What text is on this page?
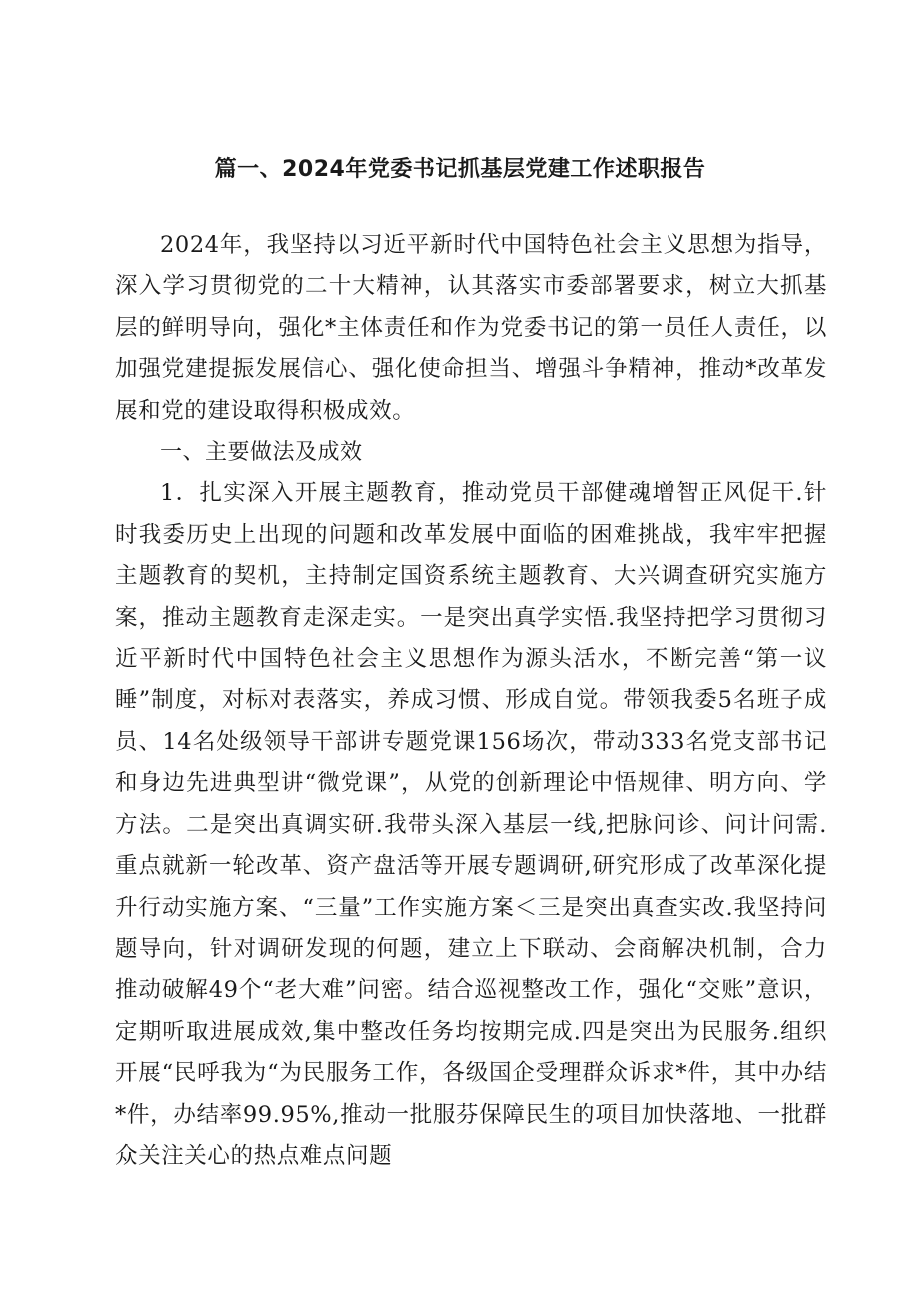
篇一、2024年党委书记抓基层党建工作述职报告

2024年，我坚持以习近平新时代中国特色社会主义思想为指导，深入学习贯彻党的二十大精神，认其落实市委部署要求，树立大抓基层的鲜明导向，强化*主体责任和作为党委书记的第一员任人责任，以加强党建提振发展信心、强化使命担当、增强斗争精神，推动*改革发展和党的建设取得积极成效。

一、主要做法及成效

1．扎实深入开展主题教育，推动党员干部健魂增智正风促干.针时我委历史上出现的问题和改革发展中面临的困难挑战，我牢牢把握主题教育的契机，主持制定国资系统主题教育、大兴调查研究实施方案，推动主题教育走深走实。一是突出真学实悟.我坚持把学习贯彻习近平新时代中国特色社会主义思想作为源头活水，不断完善“第一议睡”制度，对标对表落实，养成习惯、形成自觉。带领我委5名班子成员、14名处级领导干部讲专题党课156场次，带动333名党支部书记和身边先进典型讲“微党课”，从党的创新理论中悟规律、明方向、学方法。二是突出真调实研.我带头深入基层一线,把脉问诊、问计问需.重点就新一轮改革、资产盘活等开展专题调研,研究形成了改革深化提升行动实施方案、“三量”工作实施方案＜三是突出真查实改.我坚持问题导向，针对调研发现的何题，建立上下联动、会商解决机制，合力推动破解49个“老大难”问密。结合巡视整改工作，强化“交账”意识，定期听取进展成效,集中整改任务均按期完成.四是突出为民服务.组织开展“民呼我为“为民服务工作，各级国企受理群众诉求*件，其中办结*件，办结率99.95%,推动一批服芬保障民生的项目加快落地、一批群众关注关心的热点难点问题
